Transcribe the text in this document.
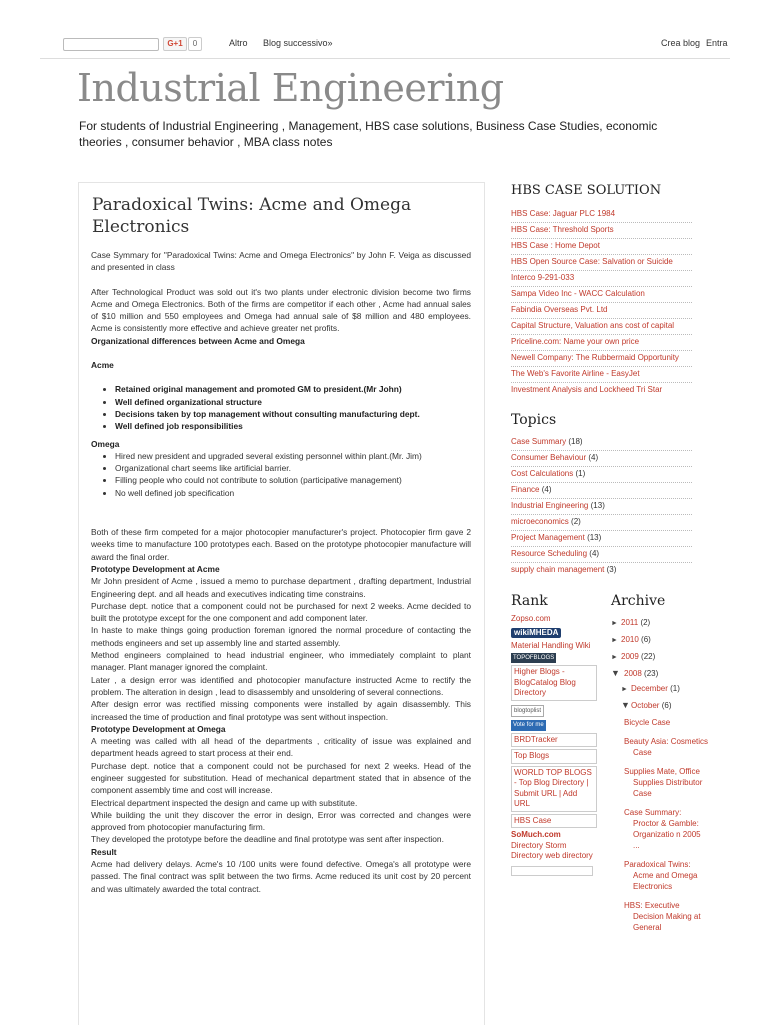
G+1	0	Altro Blog successivo»	Crea blog Entra
Industrial Engineering
For students of Industrial Engineering , Management, HBS case solutions, Business Case Studies, economic theories , consumer behavior , MBA class notes
Paradoxical Twins: Acme and Omega Electronics

Case Symmary for "Paradoxical Twins: Acme and Omega Electronics" by John F. Veiga as discussed and presented in class

After Technological Product was sold out it's two plants under electronic division become two firms Acme and Omega Electronics. Both of the firms are competitor if each other , Acme had annual sales of $10 million and 550 employees and Omega had annual sale of $8 million and 480 employees. Acme is consistently more effective and achieve greater net profits.

Organizational differences between Acme and Omega

Acme

• Retained original management and promoted GM to president.(Mr John)
• Well defined organizational structure
• Decisions taken by top management without consulting manufacturing dept.
• Well defined job responsibilities

Omega

• Hired new president and upgraded several existing personnel within plant.(Mr. Jim)
• Organizational chart seems like artificial barrier.
• Filling people who could not contribute to solution (participative management)
• No well defined job specification

Both of these firm competed for a major photocopier manufacturer's project. Photocopier firm gave 2 weeks time to manufacture 100 prototypes each. Based on the prototype photocopier manufacture will award the final order.

Prototype Development at Acme

Mr John president of Acme , issued a memo to purchase department , drafting department, Industrial Engineering dept. and all heads and executives indicating time constrains.

Purchase dept. notice that a component could not be purchased for next 2 weeks. Acme decided to built the prototype except for the one component and add component later.

In haste to make things going production foreman ignored the normal procedure of contacting the methods engineers and set up assembly line and started assembly.

Method engineers complained to head industrial engineer, who immediately complaint to plant manager. Plant manager ignored the complaint.

Later , a design error was identified and photocopier manufacture instructed Acme to rectify the problem. The alteration in design , lead to disassembly and unsoldering of several connections.

After design error was rectified missing components were installed by again disassembly. This increased the time of production and final prototype was sent without inspection.

Prototype Development at Omega

A meeting was called with all head of the departments , criticality of issue was explained and department heads agreed to start process at their end.

Purchase dept. notice that a component could not be purchased for next 2 weeks. Head of the engineer suggested for substitution. Head of mechanical department stated that in absence of the component assembly time and cost will increase.

Electrical department inspected the design and came up with substitute.

While building the unit they discover the error in design, Error was corrected and changes were approved from photocopier manufacturing firm.

They developed the prototype before the deadline and final prototype was sent after inspection.

Result

Acme had delivery delays. Acme's 10 /100 units were found defective. Omega's all prototype were passed. The final contract was split between the two firms. Acme reduced its unit cost by 20 percent and was ultimately awarded the total contract.

HBS CASE SOLUTION
HBS Case: Jaguar PLC 1984
HBS Case: Threshold Sports
HBS Case : Home Depot
HBS Open Source Case: Salvation or Suicide
Interco 9-291-033
Sampa Video Inc - WACC Calculation
Fabindia Overseas Pvt. Ltd
Capital Structure, Valuation ans cost of capital
Priceline.com: Name your own price
Newell Company: The Rubbermaid Opportunity
The Web's Favorite Airline - EasyJet
Investment Analysis and Lockheed Tri Star
Topics
Case Summary (18)
Consumer Behaviour (4)
Cost Calculations (1)
Finance (4)
Industrial Engineering (13)
microeconomics (2)
Project Management (13)
Resource Scheduling (4)
supply chain management (3)
Rank
Zopso.com
wikiMHEDA
Material Handling Wiki TOPOFBLOGS
Higher Blogs - BlogCatalog Blog Directory
blogtoplist
Vote for me
BRDTracker
Top Blogs
WORLD TOP BLOGS - Top Blog Directory | Submit URL | Add URL
HBS Case
SoMuch.com
Directory Storm Directory web directory
Archive
► 2011 (2)
► 2010 (6)
► 2009 (22)
▼ 2008 (23)
► December (1)
▼October (6)
Bicycle Case
Beauty Asia: Cosmetics Case
Supplies Mate, Office Supplies Distributor Case
Case Summary: Proctor & Gamble: Organizatio n 2005 ...
Paradoxical Twins: Acme and Omega Electronics
HBS: Executive Decision Making at General
